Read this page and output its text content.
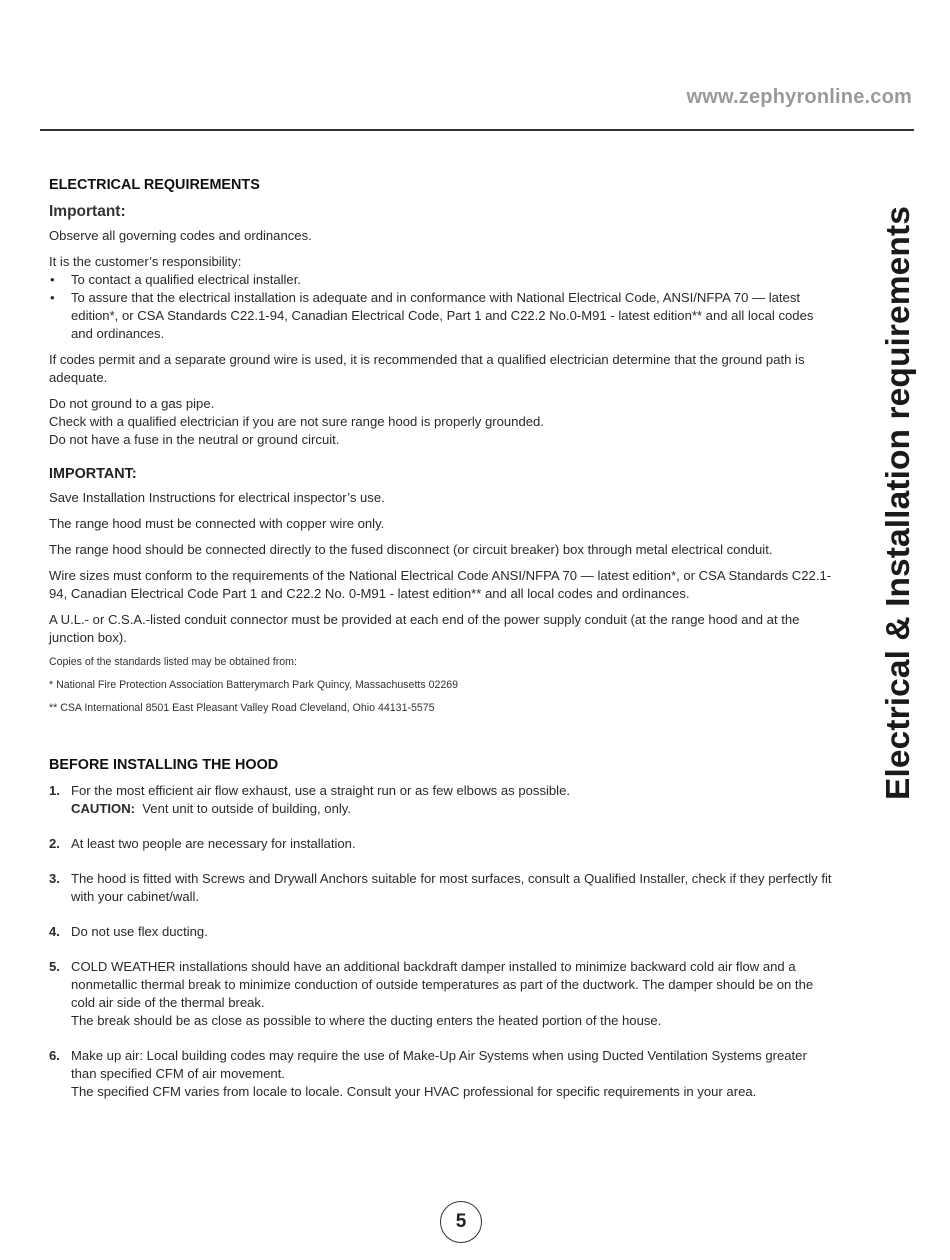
www.zephyronline.com
Electrical & Installation requirements
ELECTRICAL REQUIREMENTS
Important:

Observe all governing codes and ordinances.

It is the customer’s responsibility:

• To contact a qualified electrical installer.
• To assure that the electrical installation is adequate and in conformance with National Electrical Code, ANSI/NFPA 70 — latest edition*, or CSA Standards C22.1-94, Canadian Electrical Code, Part 1 and C22.2 No.0-M91 - latest edition** and all local codes and ordinances.

If codes permit and a separate ground wire is used, it is recommended that a qualified electrician determine that the ground path is adequate.

Do not ground to a gas pipe.

Check with a qualified electrician if you are not sure range hood is properly grounded.

Do not have a fuse in the neutral or ground circuit.

IMPORTANT:

Save Installation Instructions for electrical inspector’s use.

The range hood must be connected with copper wire only.

The range hood should be connected directly to the fused disconnect (or circuit breaker) box through metal electrical conduit.

Wire sizes must conform to the requirements of the National Electrical Code ANSI/NFPA 70 — latest edition*, or CSA Standards C22.1-94, Canadian Electrical Code Part 1 and C22.2 No. 0-M91 - latest edition** and all local codes and ordinances.

A U.L.- or C.S.A.-listed conduit connector must be provided at each end of the power supply conduit (at the range hood and at the junction box).

Copies of the standards listed may be obtained from:

* National Fire Protection Association Batterymarch Park Quincy, Massachusetts 02269

** CSA International 8501 East Pleasant Valley Road Cleveland, Ohio 44131-5575

BEFORE INSTALLING THE HOOD
1. For the most efficient air flow exhaust, use a straight run or as few elbows as possible.
CAUTION: Vent unit to outside of building, only.
2. At least two people are necessary for installation.
3. The hood is fitted with Screws and Drywall Anchors suitable for most surfaces, consult a Qualified Installer, check if they perfectly fit with your cabinet/wall.
4. Do not use flex ducting.
5. COLD WEATHER installations should have an additional backdraft damper installed to minimize backward cold air flow and a nonmetallic thermal break to minimize conduction of outside temperatures as part of the ductwork. The damper should be on the cold air side of the thermal break.
The break should be as close as possible to where the ducting enters the heated portion of the house.
6. Make up air: Local building codes may require the use of Make-Up Air Systems when using Ducted Ventilation Systems greater than specified CFM of air movement.
The specified CFM varies from locale to locale. Consult your HVAC professional for specific requirements in your area.
5
